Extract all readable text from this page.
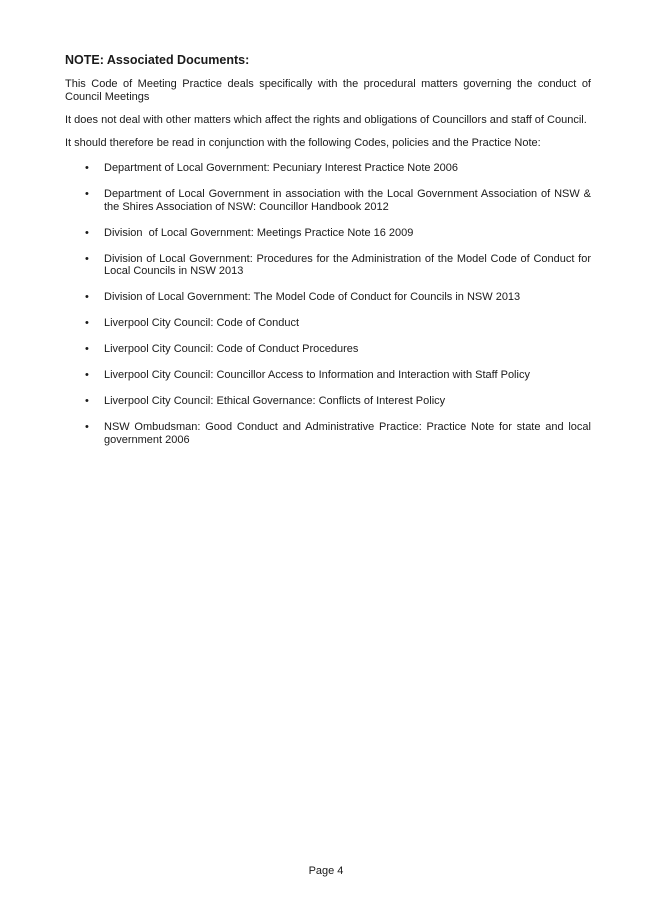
NOTE: Associated Documents:

This Code of Meeting Practice deals specifically with the procedural matters governing the conduct of Council Meetings

It does not deal with other matters which affect the rights and obligations of Councillors and staff of Council.

It should therefore be read in conjunction with the following Codes, policies and the Practice Note:

• Department of Local Government: Pecuniary Interest Practice Note 2006
• Department of Local Government in association with the Local Government Association of NSW & the Shires Association of NSW: Councillor Handbook 2012
• Division  of Local Government: Meetings Practice Note 16 2009
• Division of Local Government: Procedures for the Administration of the Model Code of Conduct for Local Councils in NSW 2013
• Division of Local Government: The Model Code of Conduct for Councils in NSW 2013
• Liverpool City Council: Code of Conduct
• Liverpool City Council: Code of Conduct Procedures
• Liverpool City Council: Councillor Access to Information and Interaction with Staff Policy
• Liverpool City Council: Ethical Governance: Conflicts of Interest Policy
• NSW Ombudsman: Good Conduct and Administrative Practice: Practice Note for state and local government 2006
Page 4
